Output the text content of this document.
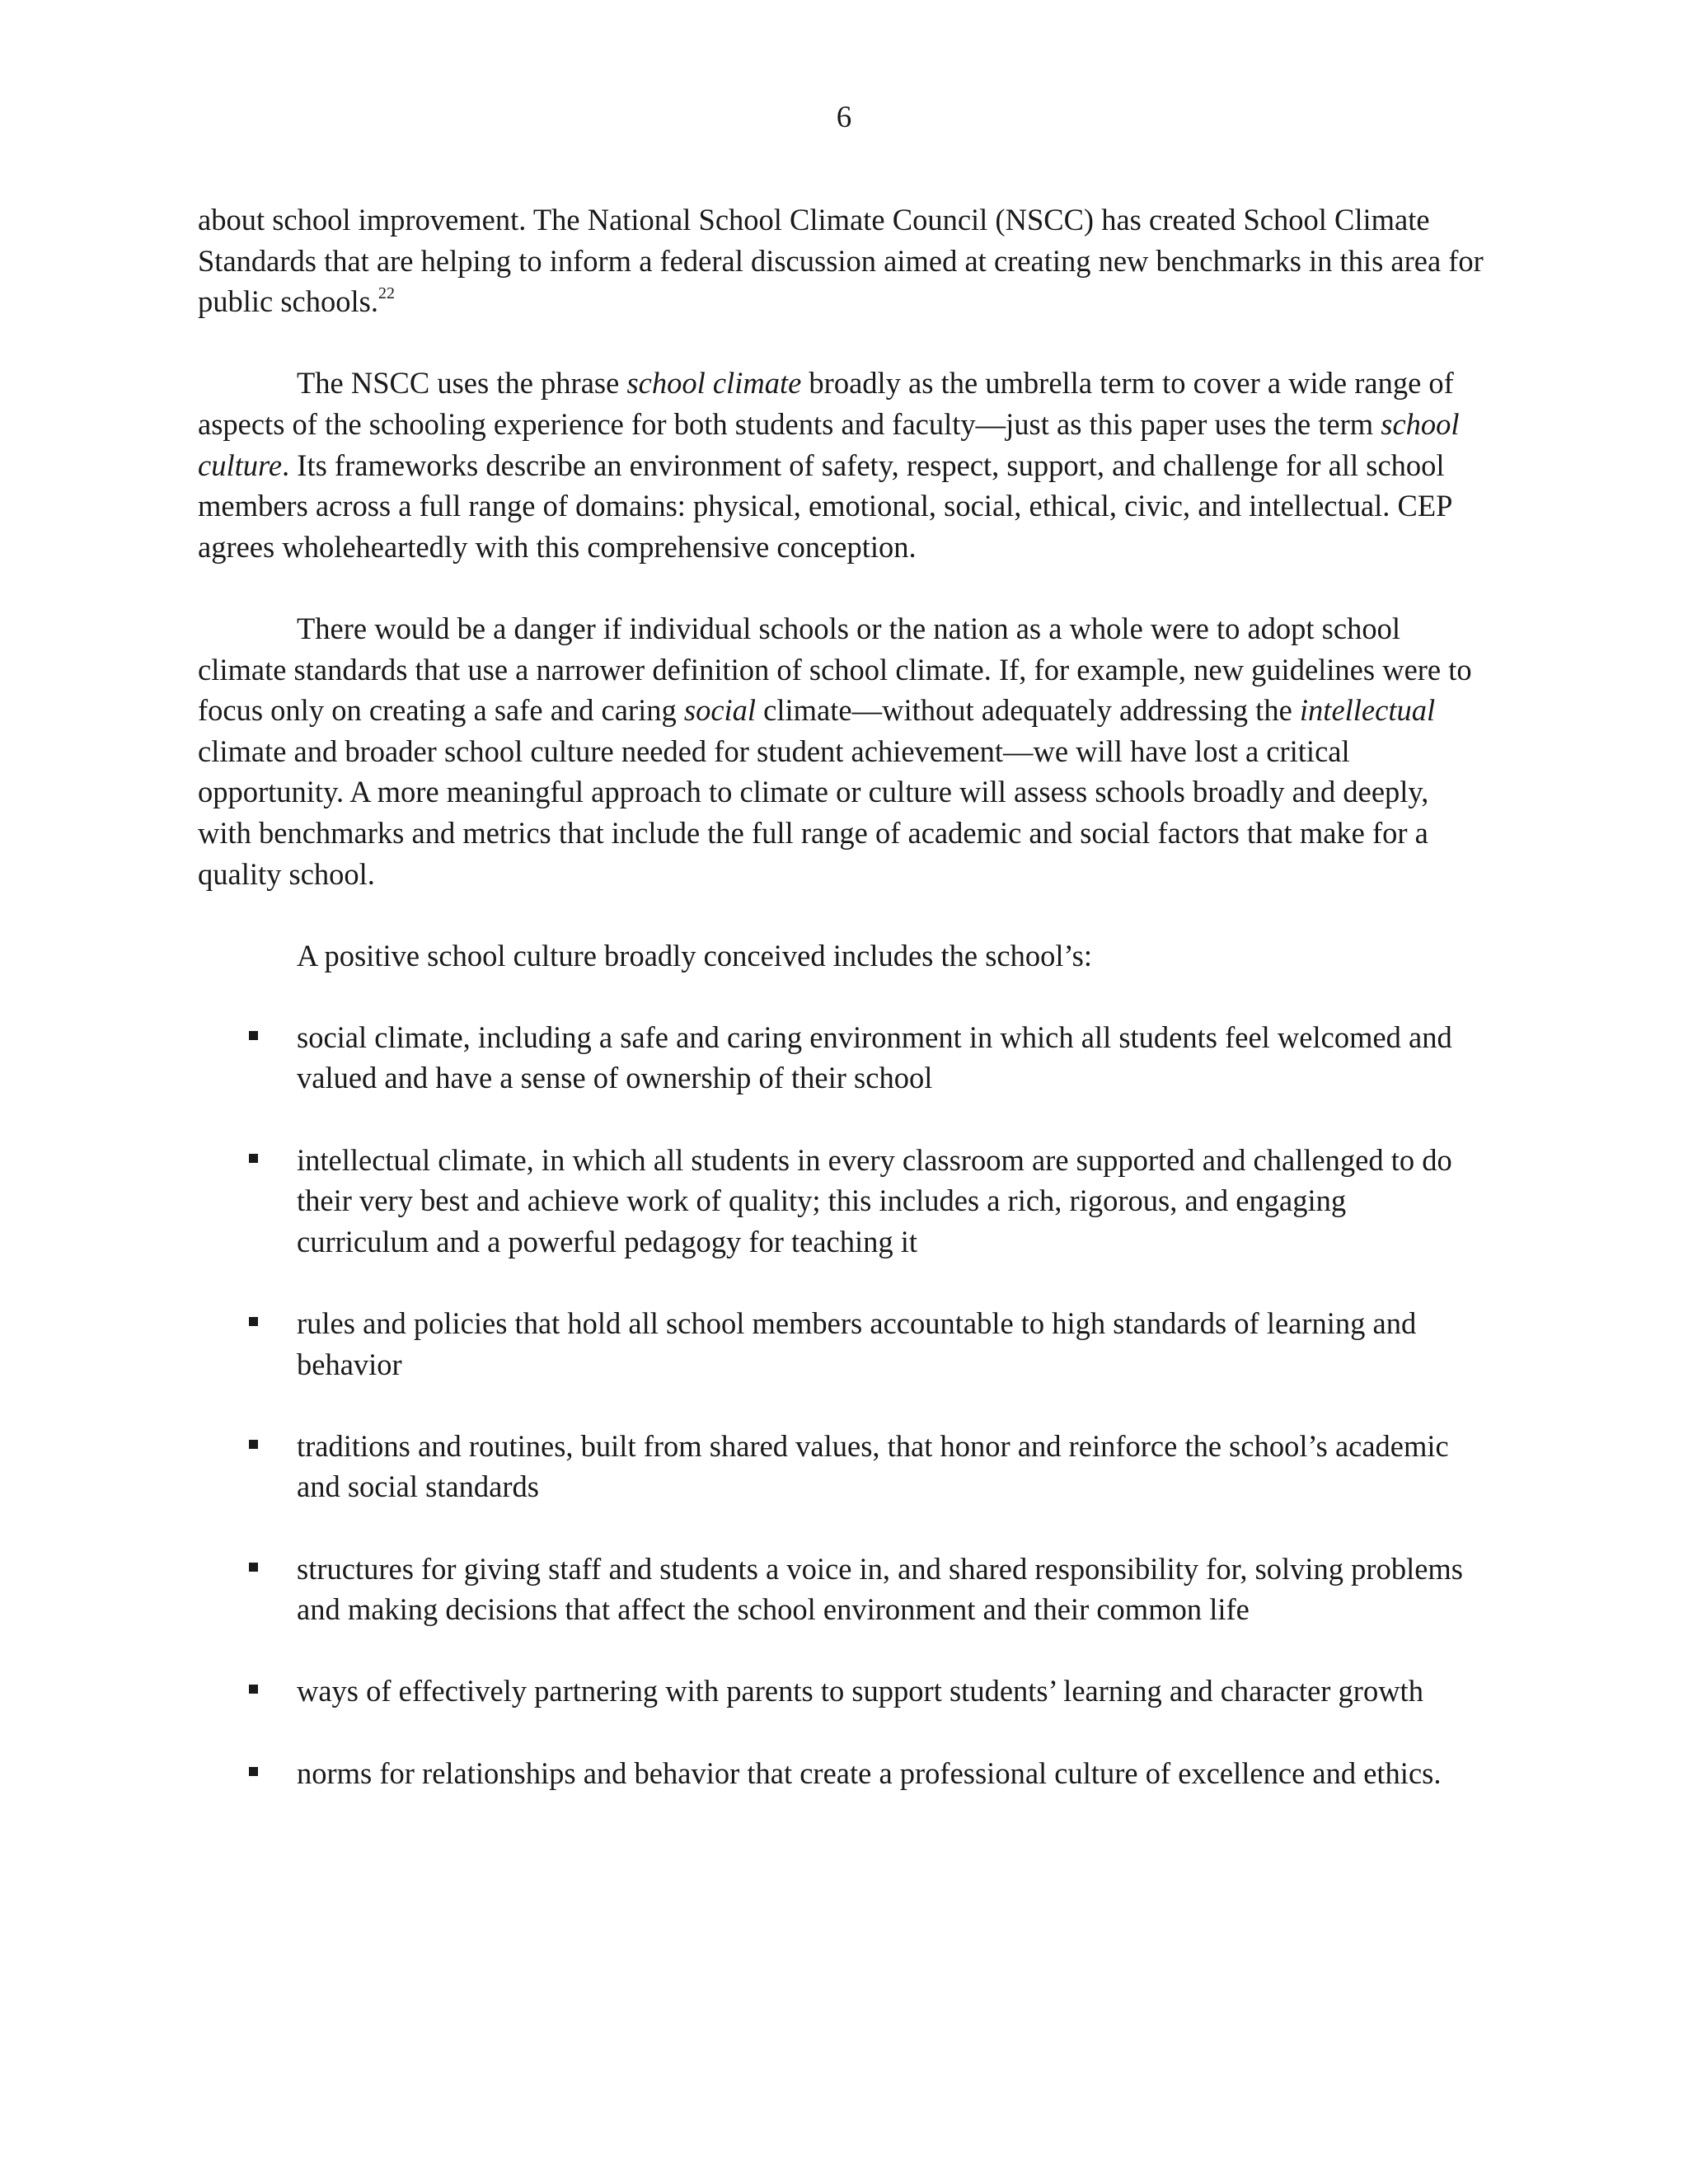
6

about school improvement. The National School Climate Council (NSCC) has created School Climate Standards that are helping to inform a federal discussion aimed at creating new benchmarks in this area for public schools.$^{22}$

The NSCC uses the phrase school climate broadly as the umbrella term to cover a wide range of aspects of the schooling experience for both students and faculty—just as this paper uses the term school culture. Its frameworks describe an environment of safety, respect, support, and challenge for all school members across a full range of domains: physical, emotional, social, ethical, civic, and intellectual. CEP agrees wholeheartedly with this comprehensive conception.

There would be a danger if individual schools or the nation as a whole were to adopt school climate standards that use a narrower definition of school climate. If, for example, new guidelines were to focus only on creating a safe and caring social climate—without adequately addressing the intellectual climate and broader school culture needed for student achievement—we will have lost a critical opportunity. A more meaningful approach to climate or culture will assess schools broadly and deeply, with benchmarks and metrics that include the full range of academic and social factors that make for a quality school.

A positive school culture broadly conceived includes the school’s:

social climate, including a safe and caring environment in which all students feel welcomed and valued and have a sense of ownership of their school
intellectual climate, in which all students in every classroom are supported and challenged to do their very best and achieve work of quality; this includes a rich, rigorous, and engaging curriculum and a powerful pedagogy for teaching it
rules and policies that hold all school members accountable to high standards of learning and behavior
traditions and routines, built from shared values, that honor and reinforce the school’s academic and social standards
structures for giving staff and students a voice in, and shared responsibility for, solving problems and making decisions that affect the school environment and their common life
ways of effectively partnering with parents to support students’ learning and character growth
norms for relationships and behavior that create a professional culture of excellence and ethics.
